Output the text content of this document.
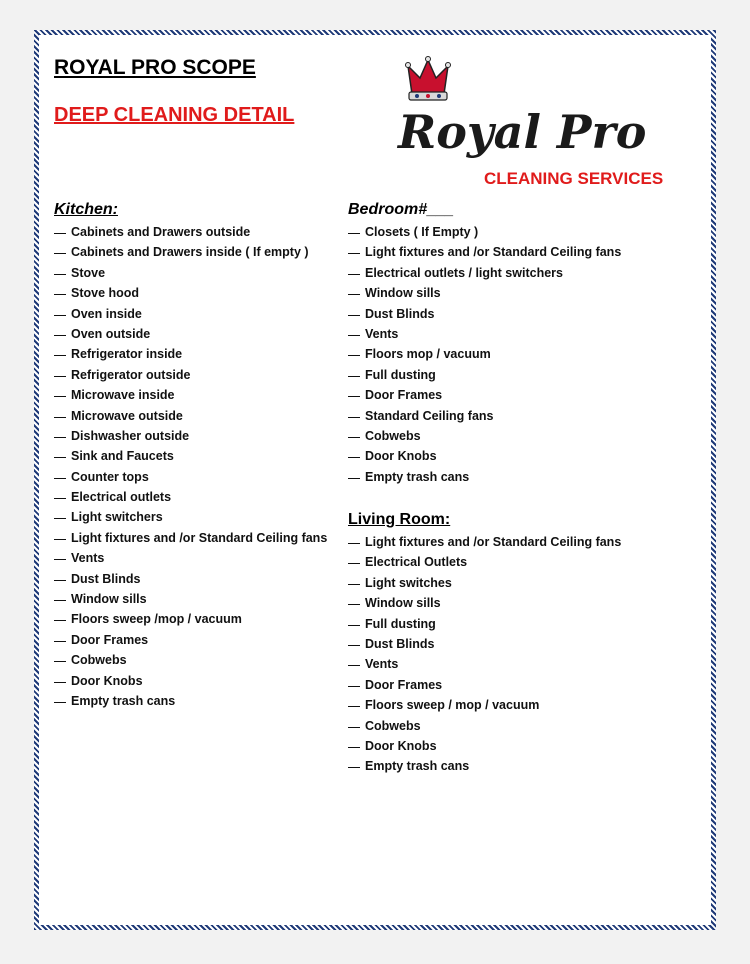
ROYAL PRO SCOPE
DEEP CLEANING DETAIL Royal Pro
CLEANING SERVICES
Kitchen:
Cabinets and Drawers outside
Cabinets and Drawers inside ( If empty )
Stove
Stove hood
Oven inside
Oven outside
Refrigerator inside
Refrigerator outside
Microwave inside
Microwave outside
Dishwasher outside
Sink and Faucets
Counter tops
Electrical outlets
Light switchers
Light fixtures and /or Standard Ceiling fans
Vents
Dust Blinds
Window sills
Floors sweep /mop / vacuum
Door Frames
Cobwebs
Door Knobs
Empty trash cans
Bedroom#___
Closets ( If Empty )
Light fixtures and /or Standard Ceiling fans
Electrical outlets / light switchers
Window sills
Dust Blinds
Vents
Floors mop / vacuum
Full dusting
Door Frames
Standard Ceiling fans
Cobwebs
Door Knobs
Empty trash cans
Living Room:
Light fixtures and /or Standard Ceiling fans
Electrical Outlets
Light switches
Window sills
Full dusting
Dust Blinds
Vents
Door Frames
Floors sweep / mop / vacuum
Cobwebs
Door Knobs
Empty trash cans
